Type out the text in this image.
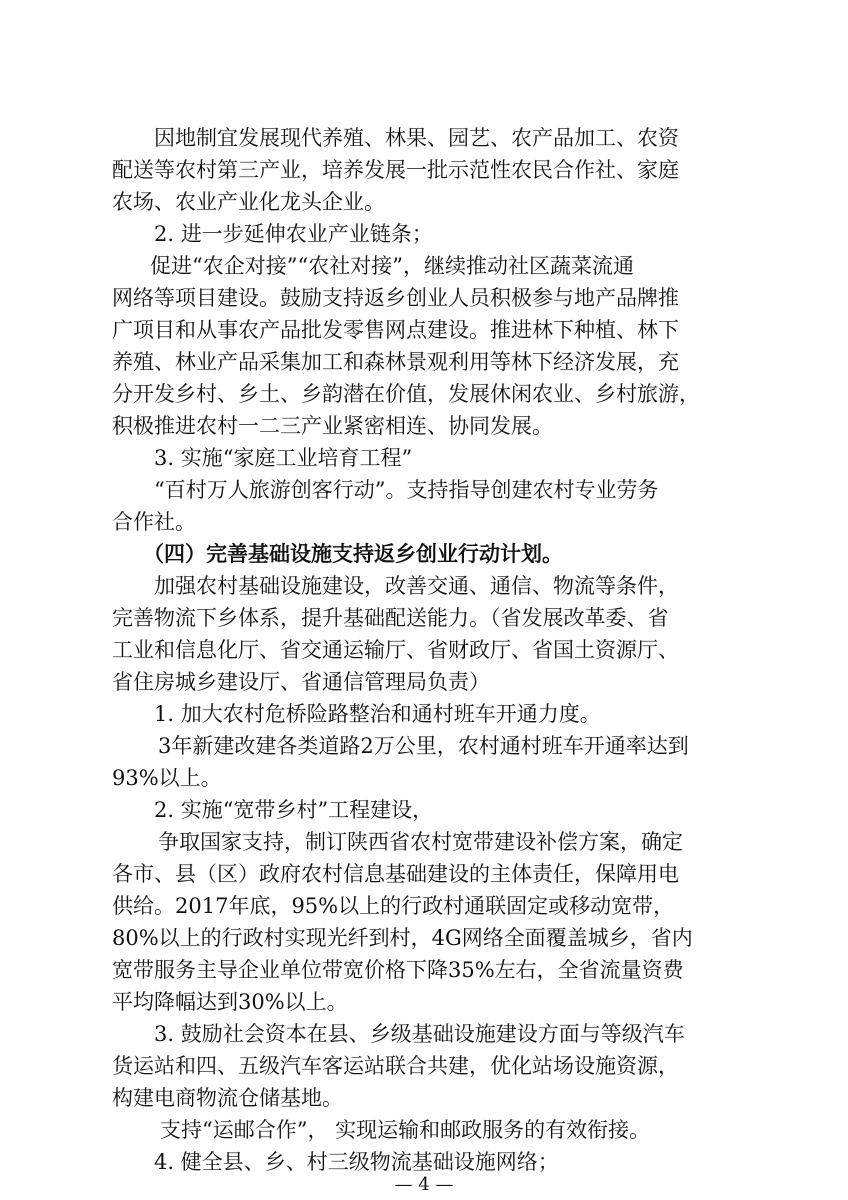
因地制宜发展现代养殖、林果、园艺、农产品加工、农资
配送等农村第三产业，培养发展一批示范性农民合作社、家庭
农场、农业产业化龙头企业。
2. 进一步延伸农业产业链条；
促进“农企对接”“农社对接”，继续推动社区蔬菜流通
网络等项目建设。鼓励支持返乡创业人员积极参与地产品牌推
广项目和从事农产品批发零售网点建设。推进林下种植、林下
养殖、林业产品采集加工和森林景观利用等林下经济发展，充
分开发乡村、乡土、乡韵潜在价值，发展休闲农业、乡村旅游，
积极推进农村一二三产业紧密相连、协同发展。
3. 实施“家庭工业培育工程”
“百村万人旅游创客行动”。支持指导创建农村专业劳务
合作社。
（四）完善基础设施支持返乡创业行动计划。
加强农村基础设施建设，改善交通、通信、物流等条件，
完善物流下乡体系，提升基础配送能力。（省发展改革委、省
工业和信息化厅、省交通运输厅、省财政厅、省国土资源厅、
省住房城乡建设厅、省通信管理局负责）
1. 加大农村危桥险路整治和通村班车开通力度。
3年新建改建各类道路2万公里，农村通村班车开通率达到
93%以上。
2. 实施“宽带乡村”工程建设，
争取国家支持，制订陕西省农村宽带建设补偿方案，确定
各市、县（区）政府农村信息基础建设的主体责任，保障用电
供给。2017年底，95%以上的行政村通联固定或移动宽带，
80%以上的行政村实现光纤到村，4G网络全面覆盖城乡，省内
宽带服务主导企业单位带宽价格下降35%左右，全省流量资费
平均降幅达到30%以上。
3. 鼓励社会资本在县、乡级基础设施建设方面与等级汽车
货运站和四、五级汽车客运站联合共建，优化站场设施资源，
构建电商物流仓储基地。
支持“运邮合作”， 实现运输和邮政服务的有效衔接。
4. 健全县、乡、村三级物流基础设施网络；
— 4 —
